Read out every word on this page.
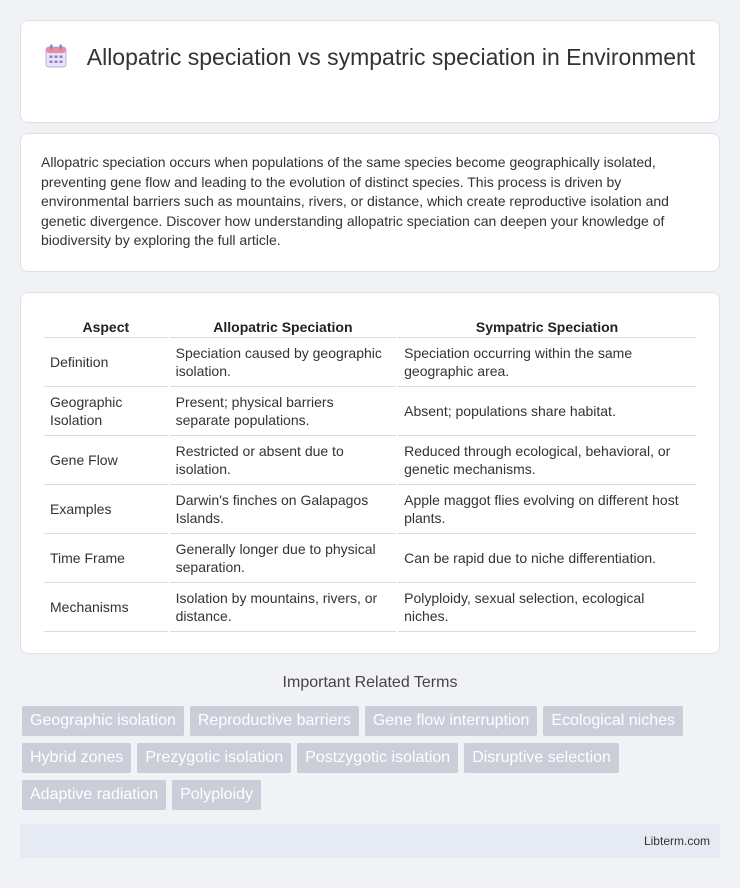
Allopatric speciation vs sympatric speciation in Environment

Allopatric speciation occurs when populations of the same species become geographically isolated, preventing gene flow and leading to the evolution of distinct species. This process is driven by environmental barriers such as mountains, rivers, or distance, which create reproductive isolation and genetic divergence. Discover how understanding allopatric speciation can deepen your knowledge of biodiversity by exploring the full article.

Aspect	Allopatric Speciation	Sympatric Speciation
Definition	Speciation caused by geographic isolation.	Speciation occurring within the same geographic area.
Geographic Isolation	Present; physical barriers separate populations.	Absent; populations share habitat.
Gene Flow	Restricted or absent due to isolation.	Reduced through ecological, behavioral, or genetic mechanisms.
Examples	Darwin's finches on Galapagos Islands.	Apple maggot flies evolving on different host plants.
Time Frame	Generally longer due to physical separation.	Can be rapid due to niche differentiation.
Mechanisms	Isolation by mountains, rivers, or distance.	Polyploidy, sexual selection, ecological niches.
Important Related Terms
Geographic isolation	Reproductive barriers	Gene flow interruption	Ecological niches
Hybrid zones	Prezygotic isolation	Postzygotic isolation	Disruptive selection
Adaptive radiation	Polyploidy
Libterm.com
